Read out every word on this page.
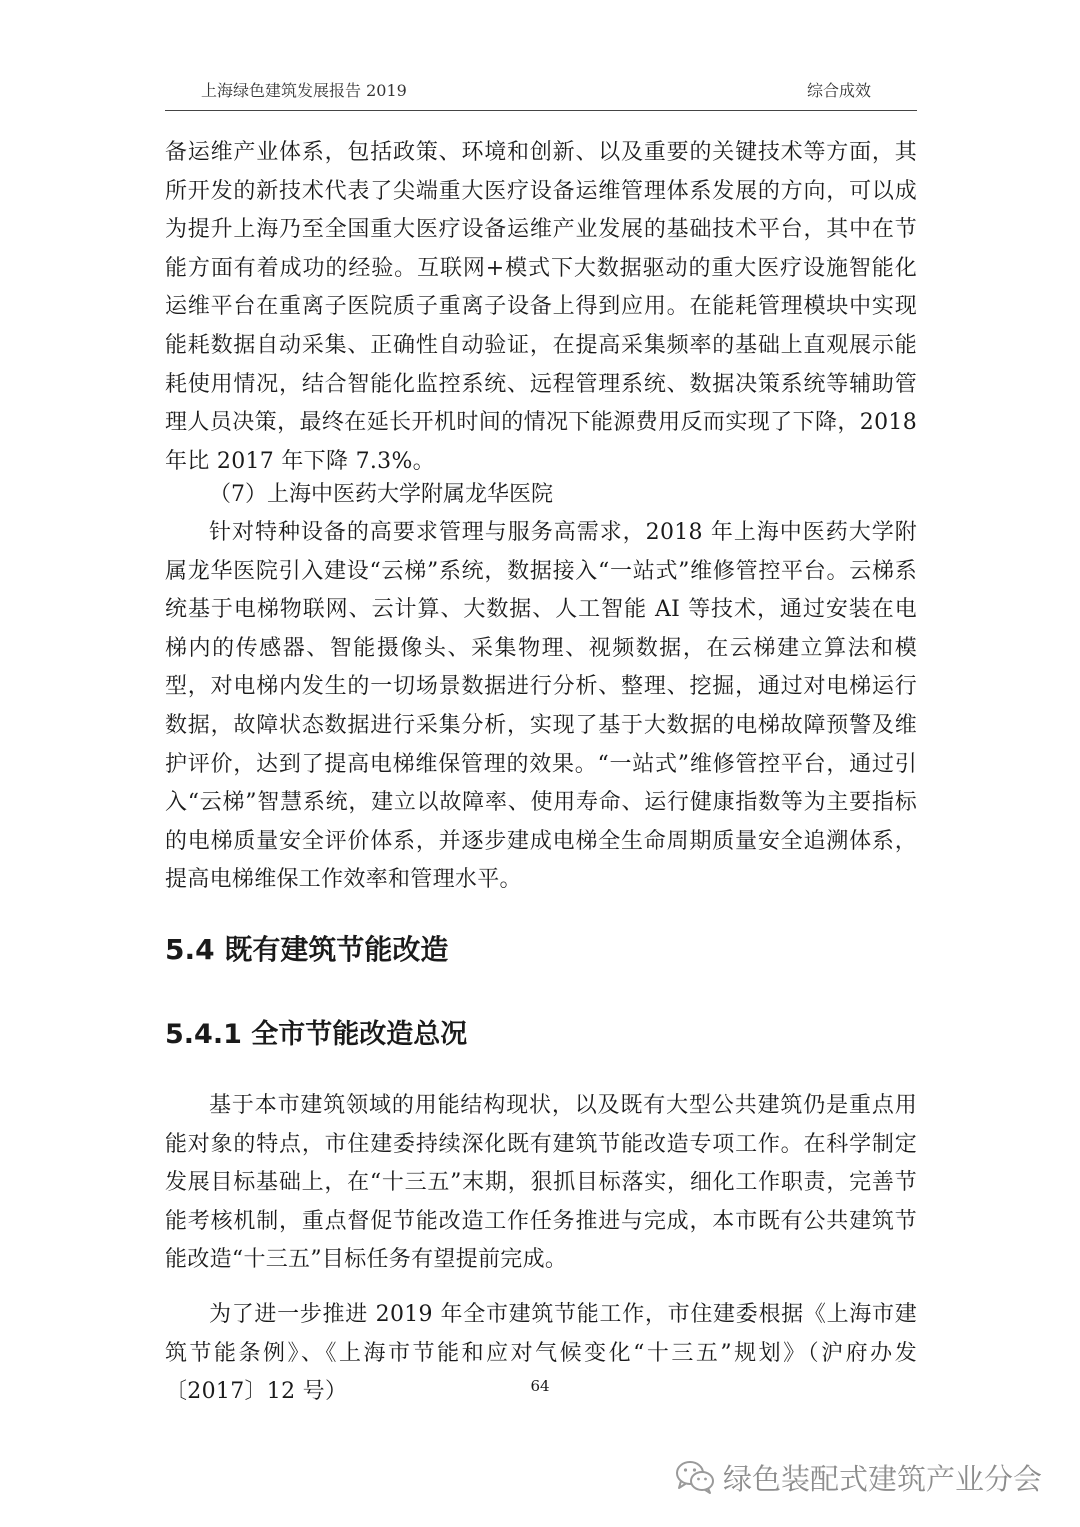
上海绿色建筑发展报告 2019	综合成效

备运维产业体系，包括政策、环境和创新、以及重要的关键技术等方面，其所开发的新技术代表了尖端重大医疗设备运维管理体系发展的方向，可以成为提升上海乃至全国重大医疗设备运维产业发展的基础技术平台，其中在节能方面有着成功的经验。互联网+模式下大数据驱动的重大医疗设施智能化运维平台在重离子医院质子重离子设备上得到应用。在能耗管理模块中实现能耗数据自动采集、正确性自动验证，在提高采集频率的基础上直观展示能耗使用情况，结合智能化监控系统、远程管理系统、数据决策系统等辅助管理人员决策，最终在延长开机时间的情况下能源费用反而实现了下降，2018 年比 2017 年下降 7.3%。

（7）上海中医药大学附属龙华医院

针对特种设备的高要求管理与服务高需求，2018 年上海中医药大学附属龙华医院引入建设“云梯”系统，数据接入“一站式”维修管控平台。云梯系统基于电梯物联网、云计算、大数据、人工智能 AI 等技术，通过安装在电梯内的传感器、智能摄像头、采集物理、视频数据，在云梯建立算法和模型，对电梯内发生的一切场景数据进行分析、整理、挖掘，通过对电梯运行数据，故障状态数据进行采集分析，实现了基于大数据的电梯故障预警及维护评价，达到了提高电梯维保管理的效果。“一站式”维修管控平台，通过引入“云梯”智慧系统，建立以故障率、使用寿命、运行健康指数等为主要指标的电梯质量安全评价体系，并逐步建成电梯全生命周期质量安全追溯体系，提高电梯维保工作效率和管理水平。

5.4 既有建筑节能改造
5.4.1 全市节能改造总况

基于本市建筑领域的用能结构现状，以及既有大型公共建筑仍是重点用能对象的特点，市住建委持续深化既有建筑节能改造专项工作。在科学制定发展目标基础上，在“十三五”末期，狠抓目标落实，细化工作职责，完善节能考核机制，重点督促节能改造工作任务推进与完成，本市既有公共建筑节能改造“十三五”目标任务有望提前完成。

为了进一步推进 2019 年全市建筑节能工作，市住建委根据《上海市建筑节能条例》、《上海市节能和应对气候变化“十三五”规划》（沪府办发〔2017〕12 号）	64
绿色装配式建筑产业分会
